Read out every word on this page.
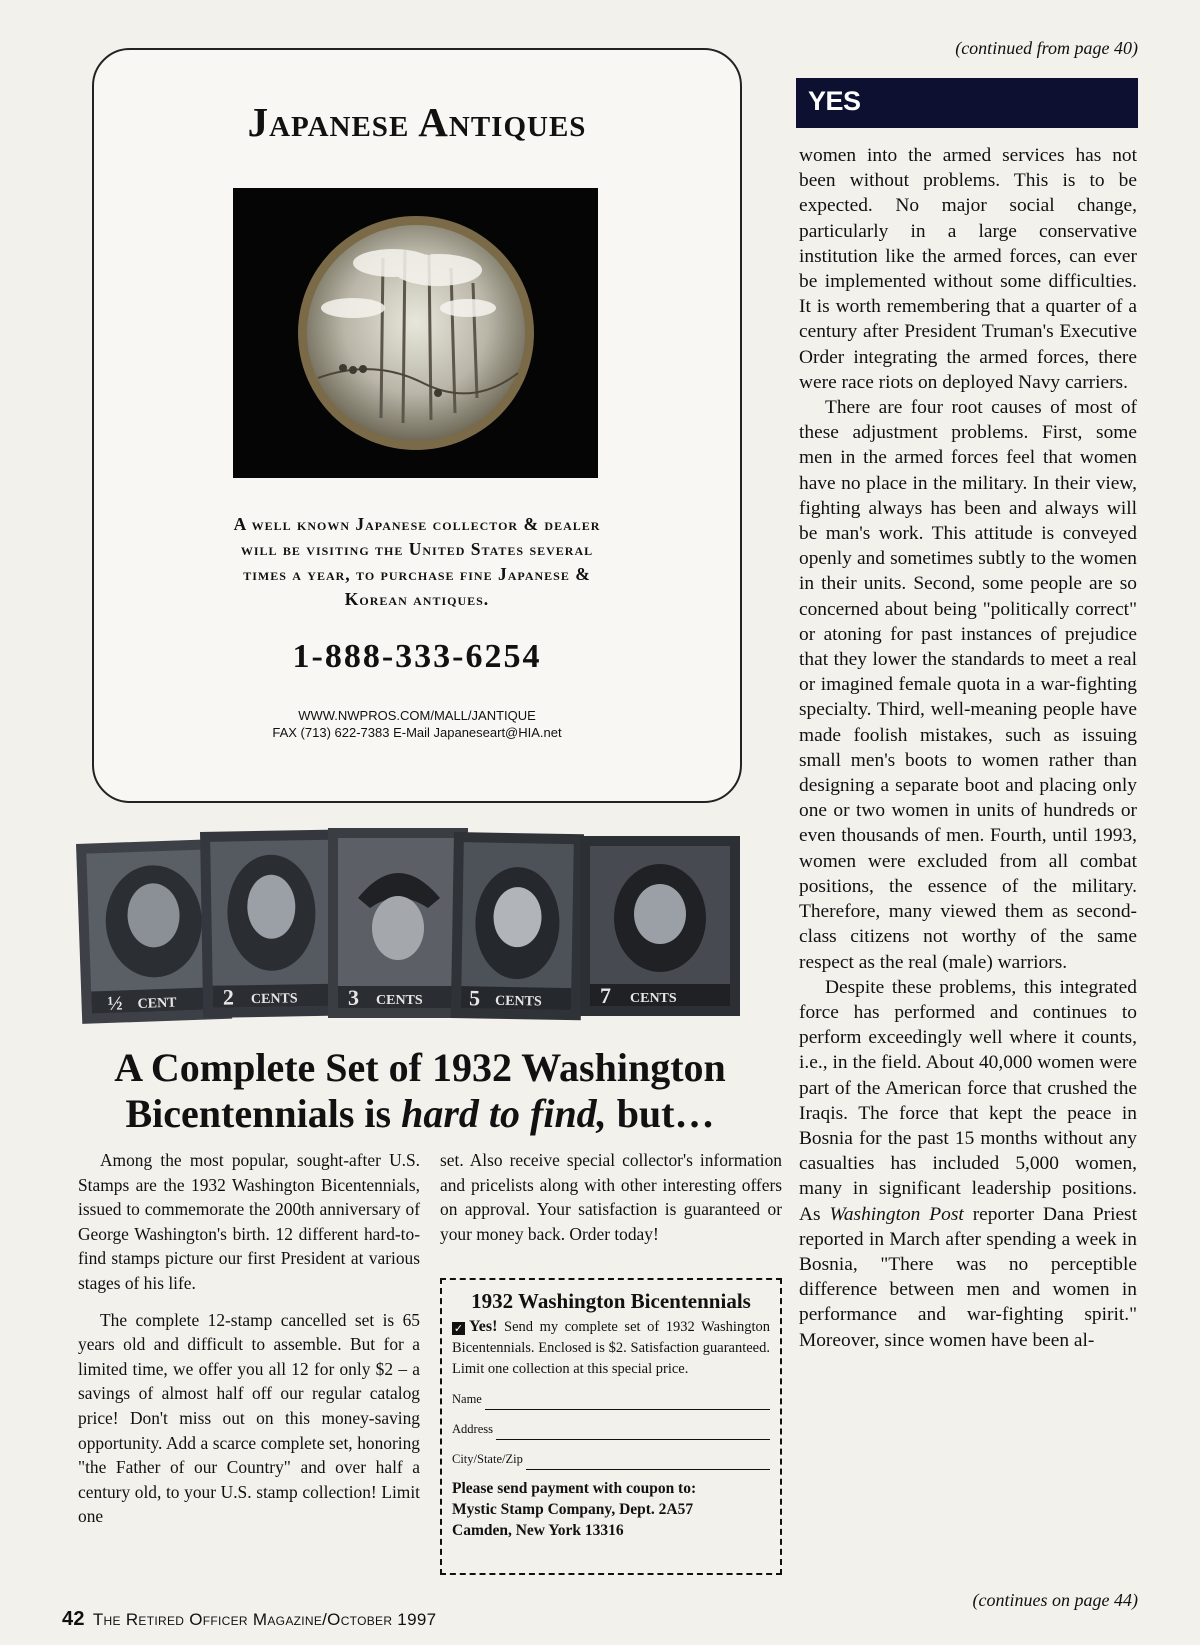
Japanese Antiques
A well known Japanese collector & dealer
will be visiting the United States several
times a year, to purchase fine Japanese &
Korean antiques.
1-888-333-6254
WWW.NWPROS.COM/MALL/JANTIQUE
FAX (713) 622-7383 E-Mail Japaneseart@HIA.net
½ CENT 2 CENTS 3 CENTS 5 CENTS	7 CENTS
A Complete Set of 1932 Washington
Bicentennials is hard to find, but…

Among the most popular, sought-after U.S. Stamps are the 1932 Washington Bicentennials, issued to commemorate the 200th anniversary of George Washington's birth. 12 different hard-to-find stamps picture our first President at various stages of his life.

The complete 12-stamp cancelled set is 65 years old and difficult to assemble. But for a limited time, we offer you all 12 for only $2 – a savings of almost half off our regular catalog price! Don't miss out on this money-saving opportunity. Add a scarce complete set, honoring "the Father of our Country" and over half a century old, to your U.S. stamp collection! Limit one

set. Also receive special collector's information and pricelists along with other interesting offers on approval. Your satisfaction is guaranteed or your money back. Order today!

1932 Washington Bicentennials
✓ Yes! Send my complete set of 1932 Washington Bicentennials. Enclosed is $2. Satisfaction guaranteed. Limit one collection at this special price.
Name
Address
City/State/Zip
Please send payment with coupon to:
Mystic Stamp Company, Dept. 2A57
Camden, New York 13316
42 The Retired Officer Magazine/October 1997
(continued from page 40)
YES

women into the armed services has not been without problems. This is to be expected. No major social change, particularly in a large conservative institution like the armed forces, can ever be implemented without some difficulties. It is worth remembering that a quarter of a century after President Truman's Executive Order integrating the armed forces, there were race riots on deployed Navy carriers.

There are four root causes of most of these adjustment problems. First, some men in the armed forces feel that women have no place in the military. In their view, fighting always has been and always will be man's work. This attitude is conveyed openly and sometimes subtly to the women in their units. Second, some people are so concerned about being "politically correct" or atoning for past instances of prejudice that they lower the standards to meet a real or imagined female quota in a war-fighting specialty. Third, well-meaning people have made foolish mistakes, such as issuing small men's boots to women rather than designing a separate boot and placing only one or two women in units of hundreds or even thousands of men. Fourth, until 1993, women were excluded from all combat positions, the essence of the military. Therefore, many viewed them as second-class citizens not worthy of the same respect as the real (male) warriors.

Despite these problems, this integrated force has performed and continues to perform exceedingly well where it counts, i.e., in the field. About 40,000 women were part of the American force that crushed the Iraqis. The force that kept the peace in Bosnia for the past 15 months without any casualties has included 5,000 women, many in significant leadership positions. As Washington Post reporter Dana Priest reported in March after spending a week in Bosnia, "There was no perceptible difference between men and women in performance and war-fighting spirit." Moreover, since women have been al-

(continues on page 44)
